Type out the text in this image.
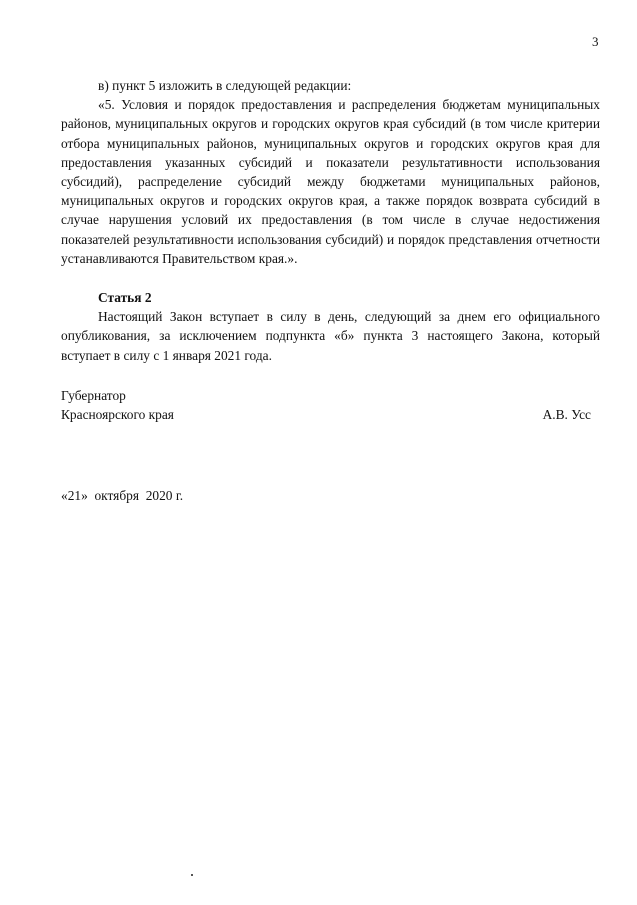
3

в) пункт 5 изложить в следующей редакции:

«5. Условия и порядок предоставления и распределения бюджетам муниципальных районов, муниципальных округов и городских округов края субсидий (в том числе критерии отбора муниципальных районов, муниципальных округов и городских округов края для предоставления указанных субсидий и показатели результативности использования субсидий), распределение субсидий между бюджетами муниципальных районов, муниципальных округов и городских округов края, а также порядок возврата субсидий в случае нарушения условий их предоставления (в том числе в случае недостижения показателей результативности использования субсидий) и порядок представления отчетности устанавливаются Правительством края.».

Статья 2

Настоящий Закон вступает в силу в день, следующий за днем его официального опубликования, за исключением подпункта «б» пункта 3 настоящего Закона, который вступает в силу с 1 января 2021 года.

Губернатор

Красноярского края	А.В. Усс

«21»  октября  2020 г.
